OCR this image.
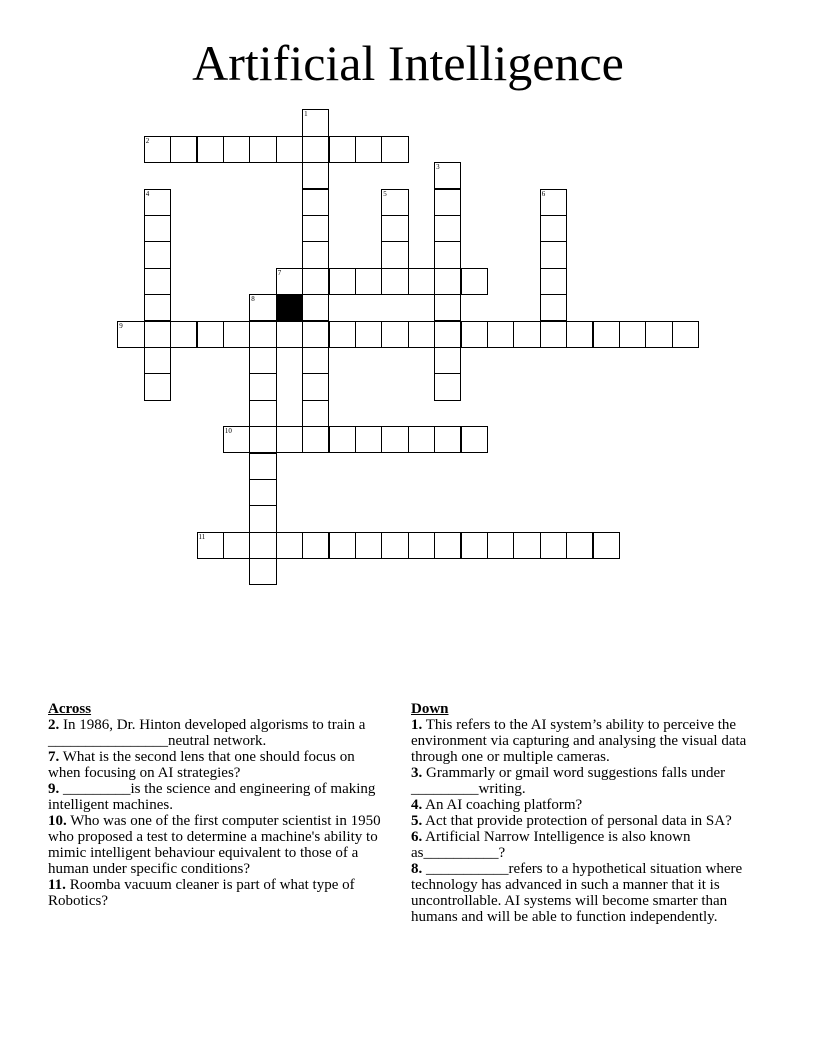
Artificial Intelligence
1
2
3
4	5	6
7
8
9
10
11
Across
2. In 1986, Dr. Hinton developed algorisms to train a ________________neutral network.
7. What is the second lens that one should focus on when focusing on AI strategies?
9. _________is the science and engineering of making intelligent machines.
10. Who was one of the first computer scientist in 1950 who proposed a test to determine a machine's ability to mimic intelligent behaviour equivalent to those of a human under specific conditions?
11. Roomba vacuum cleaner is part of what type of Robotics?
Down
1. This refers to the AI system’s ability to perceive the environment via capturing and analysing the visual data through one or multiple cameras.
3. Grammarly or gmail word suggestions falls under _________writing.
4. An AI coaching platform?
5. Act that provide protection of personal data in SA?
6. Artificial Narrow Intelligence is also known as__________?
8. ___________refers to a hypothetical situation where technology has advanced in such a manner that it is uncontrollable. AI systems will become smarter than humans and will be able to function independently.
